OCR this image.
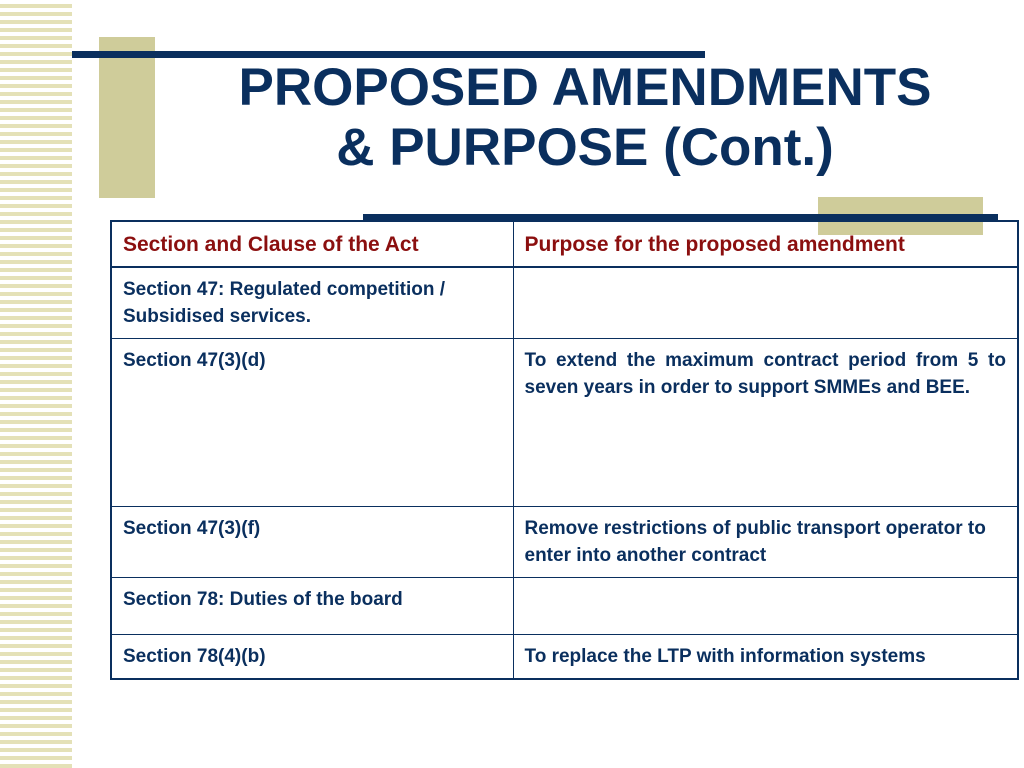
PROPOSED AMENDMENTS
& PURPOSE (Cont.)
Section and Clause of the Act	Purpose for the proposed amendment
Section 47: Regulated competition / Subsidised services.	
Section 47(3)(d)	To extend the maximum contract period from 5 to seven years in order to support SMMEs and BEE.
Section 47(3)(f)	Remove restrictions of public transport operator to enter into another contract
Section 78: Duties of the board	
Section 78(4)(b)	To replace the LTP with information systems
